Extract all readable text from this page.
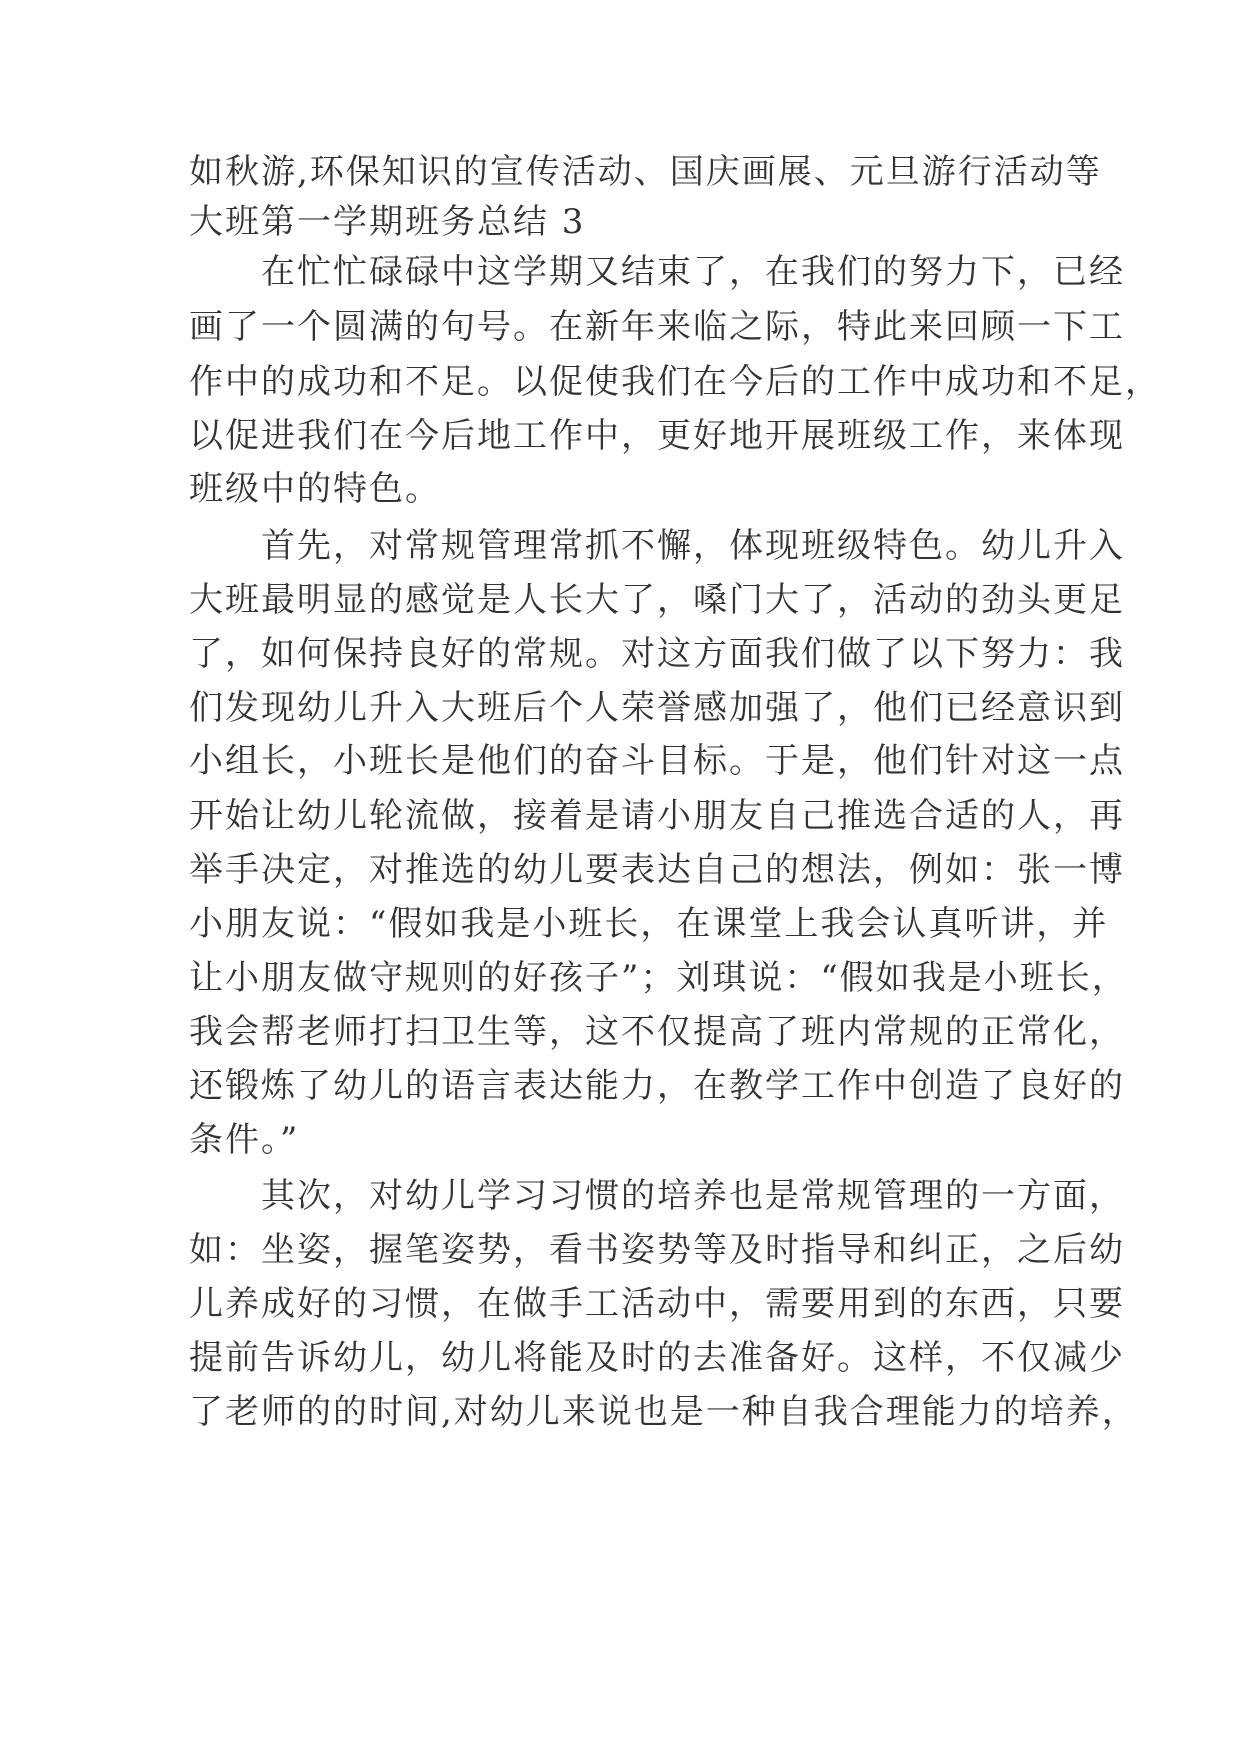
如秋游,环保知识的宣传活动、国庆画展、元旦游行活动等
大班第一学期班务总结 3
　　在忙忙碌碌中这学期又结束了，在我们的努力下，已经
画了一个圆满的句号。在新年来临之际，特此来回顾一下工
作中的成功和不足。以促使我们在今后的工作中成功和不足，
以促进我们在今后地工作中，更好地开展班级工作，来体现
班级中的特色。
　　首先，对常规管理常抓不懈，体现班级特色。幼儿升入
大班最明显的感觉是人长大了，嗓门大了，活动的劲头更足
了，如何保持良好的常规。对这方面我们做了以下努力：我
们发现幼儿升入大班后个人荣誉感加强了，他们已经意识到
小组长，小班长是他们的奋斗目标。于是，他们针对这一点
开始让幼儿轮流做，接着是请小朋友自己推选合适的人，再
举手决定，对推选的幼儿要表达自己的想法，例如：张一博
小朋友说：“假如我是小班长，在课堂上我会认真听讲，并
让小朋友做守规则的好孩子”；刘琪说：“假如我是小班长，
我会帮老师打扫卫生等，这不仅提高了班内常规的正常化，
还锻炼了幼儿的语言表达能力，在教学工作中创造了良好的
条件。”
　　其次，对幼儿学习习惯的培养也是常规管理的一方面，
如：坐姿，握笔姿势，看书姿势等及时指导和纠正，之后幼
儿养成好的习惯，在做手工活动中，需要用到的东西，只要
提前告诉幼儿，幼儿将能及时的去准备好。这样，不仅减少
了老师的的时间,对幼儿来说也是一种自我合理能力的培养，
